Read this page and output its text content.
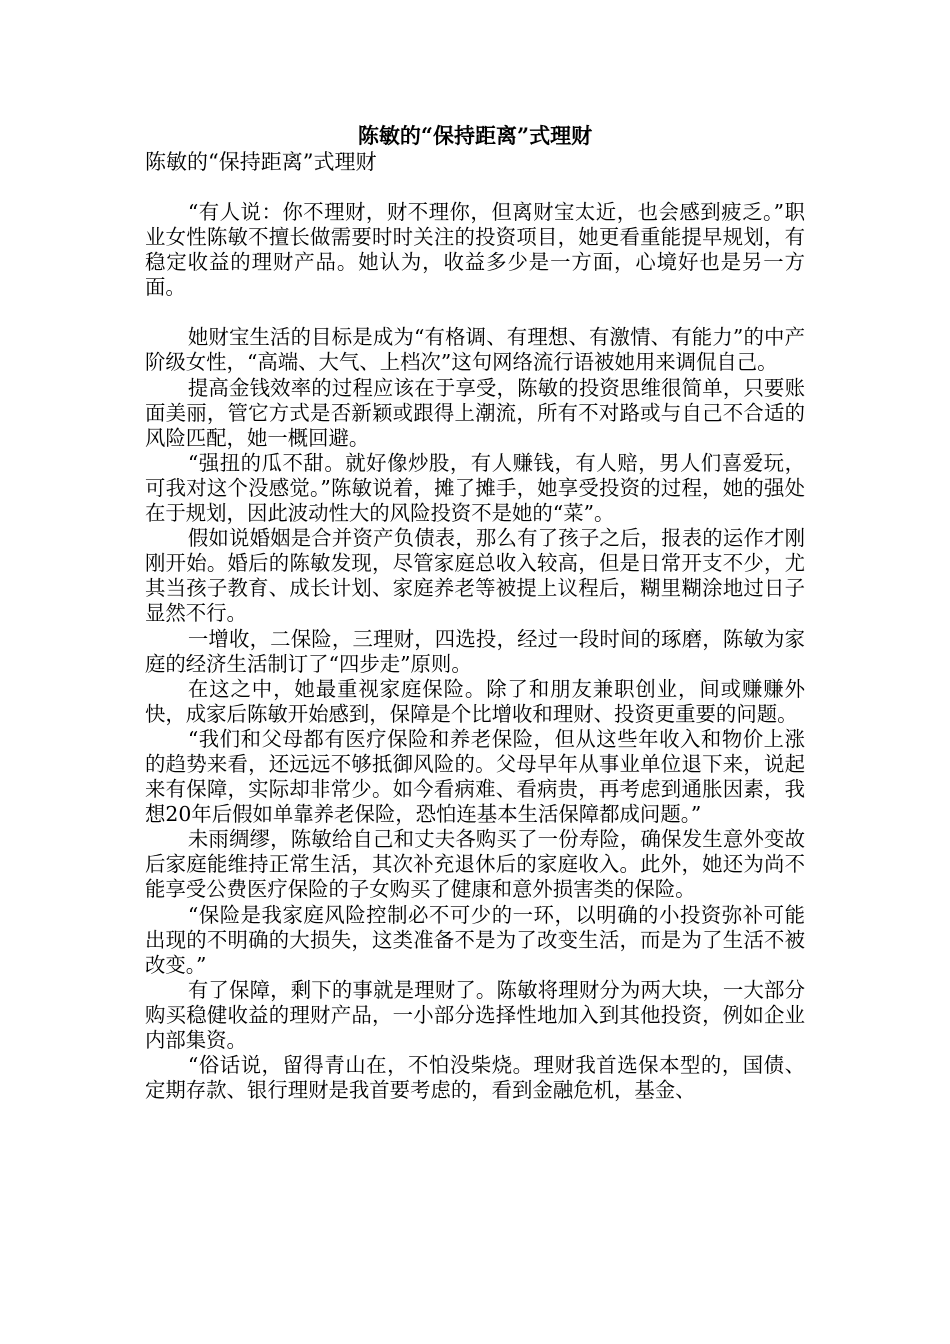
陈敏的“保持距离”式理财
陈敏的“保持距离”式理财

“有人说：你不理财，财不理你，但离财宝太近，也会感到疲乏。”职业女性陈敏不擅长做需要时时关注的投资项目，她更看重能提早规划，有稳定收益的理财产品。她认为，收益多少是一方面，心境好也是另一方面。

她财宝生活的目标是成为“有格调、有理想、有激情、有能力”的中产阶级女性，“高端、大气、上档次”这句网络流行语被她用来调侃自己。

提高金钱效率的过程应该在于享受，陈敏的投资思维很简单，只要账面美丽，管它方式是否新颖或跟得上潮流，所有不对路或与自己不合适的风险匹配，她一概回避。

“强扭的瓜不甜。就好像炒股，有人赚钱，有人赔，男人们喜爱玩，可我对这个没感觉。”陈敏说着，摊了摊手，她享受投资的过程，她的强处在于规划，因此波动性大的风险投资不是她的“菜”。

假如说婚姻是合并资产负债表，那么有了孩子之后，报表的运作才刚刚开始。婚后的陈敏发现，尽管家庭总收入较高，但是日常开支不少，尤其当孩子教育、成长计划、家庭养老等被提上议程后，糊里糊涂地过日子显然不行。

一增收，二保险，三理财，四选投，经过一段时间的琢磨，陈敏为家庭的经济生活制订了“四步走”原则。

在这之中，她最重视家庭保险。除了和朋友兼职创业，间或赚赚外快，成家后陈敏开始感到，保障是个比增收和理财、投资更重要的问题。

“我们和父母都有医疗保险和养老保险，但从这些年收入和物价上涨的趋势来看，还远远不够抵御风险的。父母早年从事业单位退下来，说起来有保障，实际却非常少。如今看病难、看病贵，再考虑到通胀因素，我想20年后假如单靠养老保险，恐怕连基本生活保障都成问题。”

未雨绸缪，陈敏给自己和丈夫各购买了一份寿险，确保发生意外变故后家庭能维持正常生活，其次补充退休后的家庭收入。此外，她还为尚不能享受公费医疗保险的子女购买了健康和意外损害类的保险。

“保险是我家庭风险控制必不可少的一环，以明确的小投资弥补可能出现的不明确的大损失，这类准备不是为了改变生活，而是为了生活不被改变。”

有了保障，剩下的事就是理财了。陈敏将理财分为两大块，一大部分购买稳健收益的理财产品，一小部分选择性地加入到其他投资，例如企业内部集资。

“俗话说，留得青山在，不怕没柴烧。理财我首选保本型的，国债、定期存款、银行理财是我首要考虑的，看到金融危机，基金、
